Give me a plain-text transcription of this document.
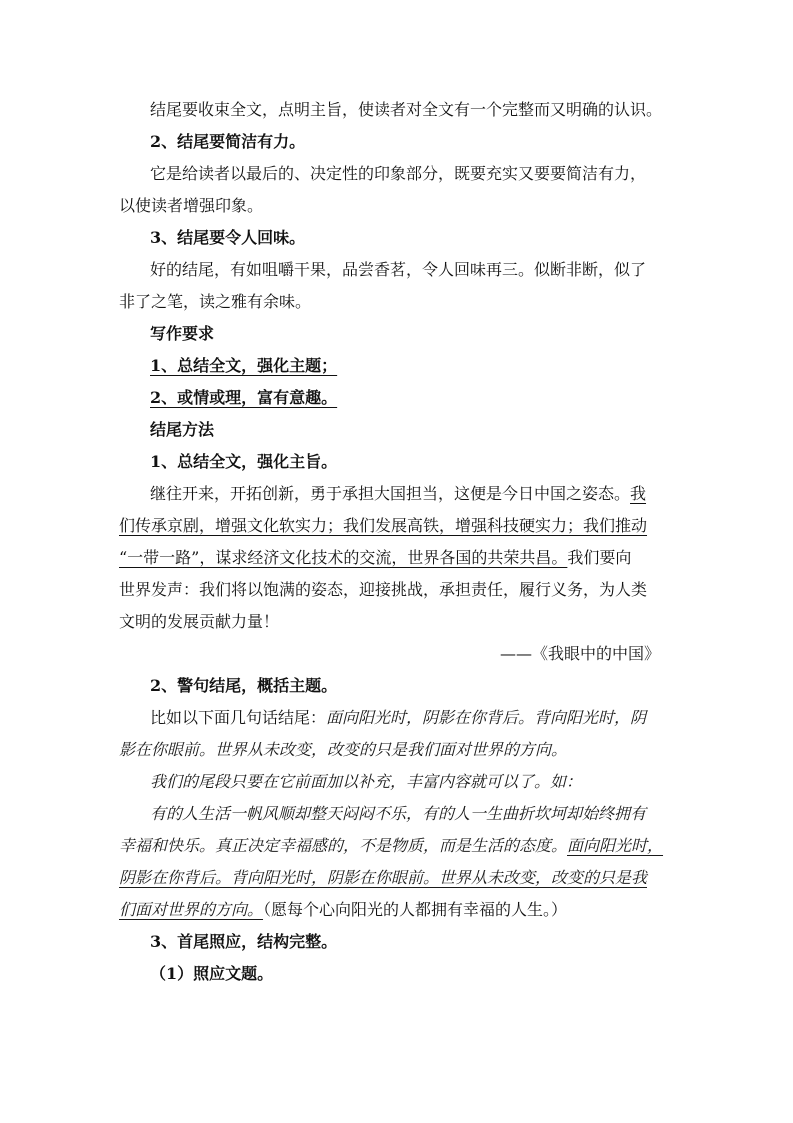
结尾要收束全文，点明主旨，使读者对全文有一个完整而又明确的认识。
2、结尾要简洁有力。
它是给读者以最后的、决定性的印象部分，既要充实又要要简洁有力，
以使读者增强印象。
3、结尾要令人回味。
好的结尾，有如咀嚼干果，品尝香茗，令人回味再三。似断非断，似了
非了之笔，读之雅有余味。
写作要求
1、总结全文，强化主题；
2、或情或理，富有意趣。
结尾方法
1、总结全文，强化主旨。
继往开来，开拓创新，勇于承担大国担当，这便是今日中国之姿态。我
们传承京剧，增强文化软实力；我们发展高铁，增强科技硬实力；我们推动
“一带一路”，谋求经济文化技术的交流，世界各国的共荣共昌。我们要向
世界发声：我们将以饱满的姿态，迎接挑战，承担责任，履行义务，为人类
文明的发展贡献力量！
——《我眼中的中国》
2、警句结尾，概括主题。
比如以下面几句话结尾：面向阳光时，阴影在你背后。背向阳光时，阴
影在你眼前。世界从未改变，改变的只是我们面对世界的方向。
我们的尾段只要在它前面加以补充，丰富内容就可以了。如：
有的人生活一帆风顺却整天闷闷不乐，有的人一生曲折坎坷却始终拥有
幸福和快乐。真正决定幸福感的，不是物质，而是生活的态度。面向阳光时，
阴影在你背后。背向阳光时，阴影在你眼前。世界从未改变，改变的只是我
们面对世界的方向。（愿每个心向阳光的人都拥有幸福的人生。）
3、首尾照应，结构完整。
（1）照应文题。
